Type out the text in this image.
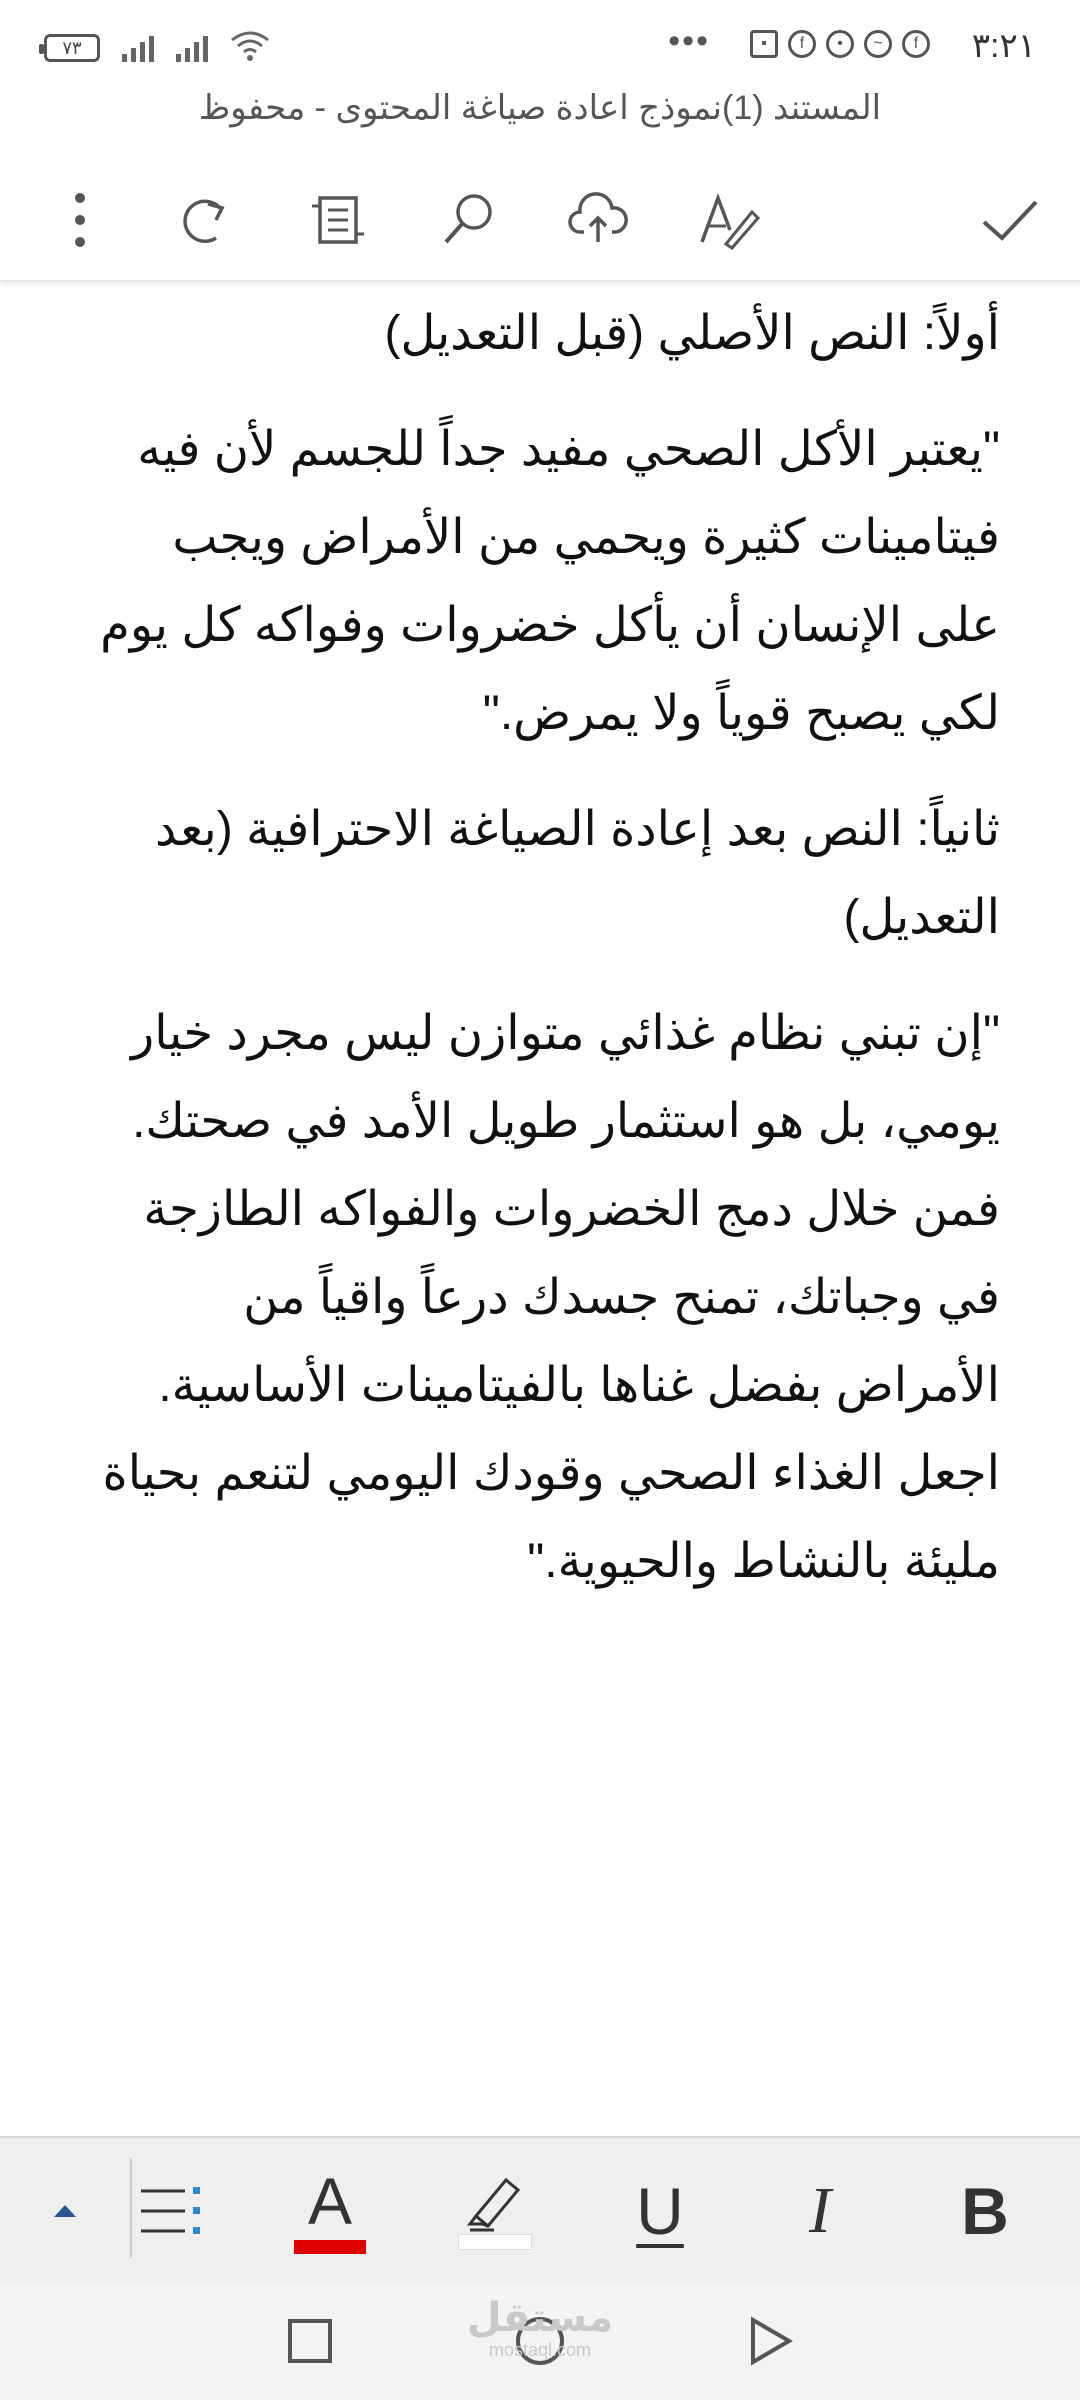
٧٣	•••	f
~
•
f
▪	٣:٢١
المستند (1)نموذج اعادة صياغة المحتوى - محفوظ

أولاً: النص الأصلي (قبل التعديل)

"يعتبر الأكل الصحي مفيد جداً للجسم لأن فيه فيتامينات كثيرة ويحمي من الأمراض ويجب على الإنسان أن يأكل خضروات وفواكه كل يوم لكي يصبح قوياً ولا يمرض."

ثانياً: النص بعد إعادة الصياغة الاحترافية (بعد التعديل)

"إن تبني نظام غذائي متوازن ليس مجرد خيار يومي، بل هو استثمار طويل الأمد في صحتك. فمن خلال دمج الخضروات والفواكه الطازجة في وجباتك، تمنح جسدك درعاً واقياً من الأمراض بفضل غناها بالفيتامينات الأساسية. اجعل الغذاء الصحي وقودك اليومي لتنعم بحياة مليئة بالنشاط والحيوية."

A	U I B
مستقل
mostaql.com
